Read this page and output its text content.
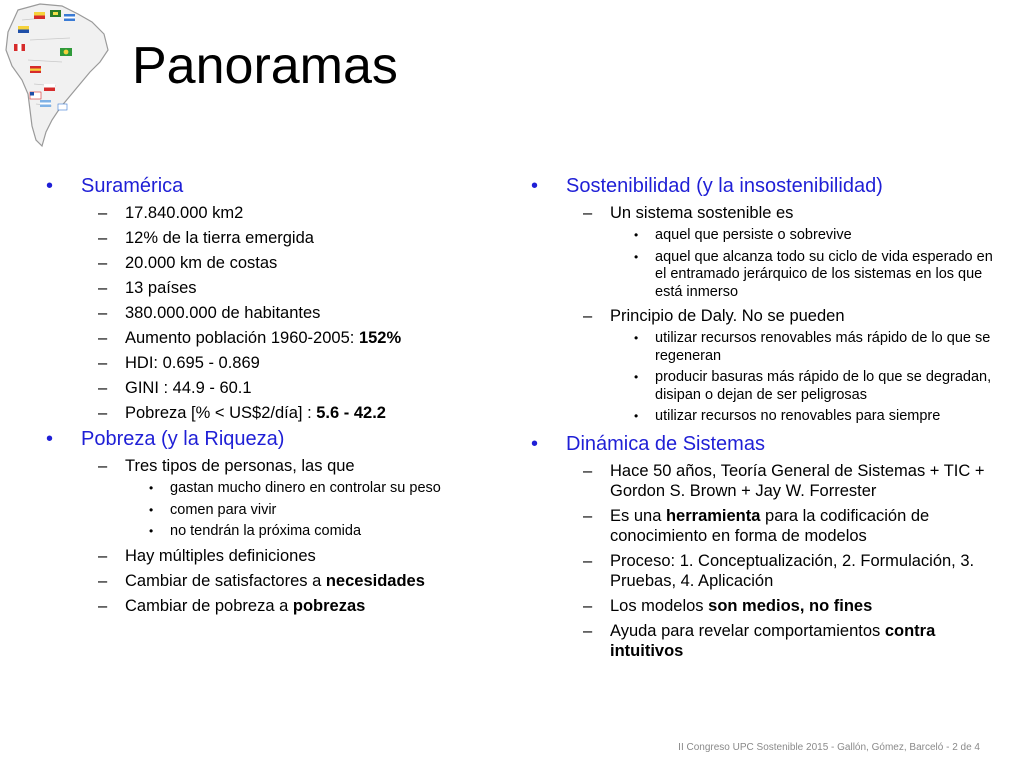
Panoramas
• Suramérica
– 17.840.000 km2
– 12% de la tierra emergida
– 20.000 km de costas
– 13 países
– 380.000.000 de habitantes
– Aumento población 1960-2005: 152%
– HDI: 0.695 - 0.869
– GINI : 44.9 - 60.1
– Pobreza [% < US$2/día] : 5.6 - 42.2
• Pobreza (y la Riqueza)
– Tres tipos de personas, las que
• gastan mucho dinero en controlar su peso
• comen para vivir
• no tendrán la próxima comida
– Hay múltiples definiciones
– Cambiar de satisfactores a necesidades
– Cambiar de pobreza a pobrezas
• Sostenibilidad (y la insostenibilidad)
– Un sistema sostenible es
• aquel que persiste o sobrevive
• aquel que alcanza todo su ciclo de vida esperado en el entramado jerárquico de los sistemas en los que está inmerso
– Principio de Daly. No se pueden
• utilizar recursos renovables más rápido de lo que se regeneran
• producir basuras más rápido de lo que se degradan, disipan o dejan de ser peligrosas
• utilizar recursos no renovables para siempre
• Dinámica de Sistemas
– Hace 50 años, Teoría General de Sistemas + TIC + Gordon S. Brown + Jay W. Forrester
– Es una herramienta para la codificación de conocimiento en forma de modelos
– Proceso: 1. Conceptualización, 2. Formulación, 3. Pruebas, 4. Aplicación
– Los modelos son medios, no fines
– Ayuda para revelar comportamientos contra intuitivos
II Congreso UPC Sostenible 2015 - Gallón, Gómez, Barceló - 2 de 4
